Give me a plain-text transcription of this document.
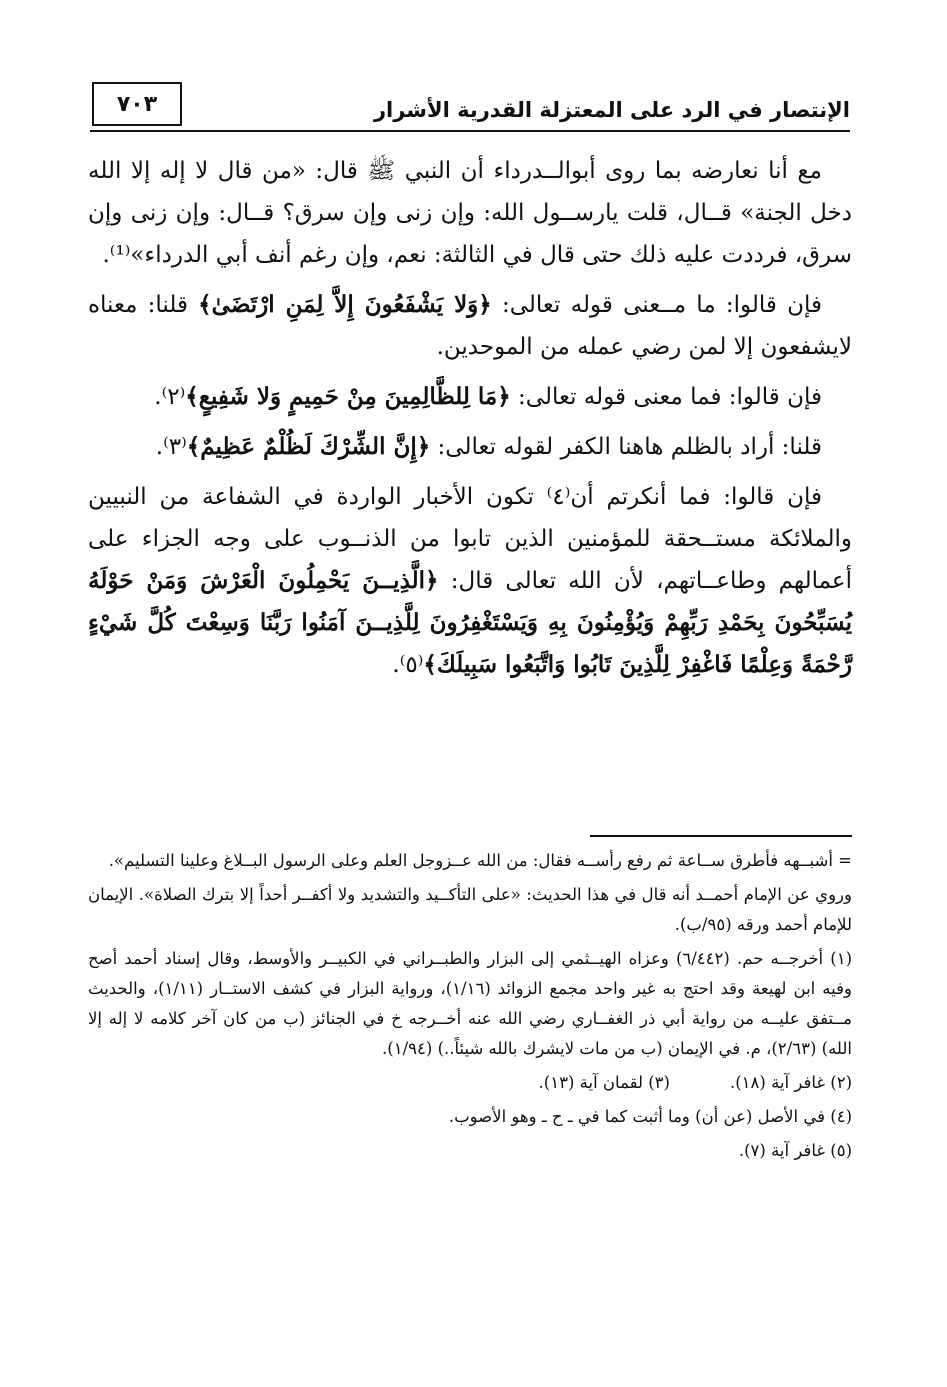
الإنتصار في الرد على المعتزلة القدرية الأشرار
٧٠٣

مع أنا نعارضه بما روى أبوالــدرداء أن النبي ﷺ قال: «من قال لا إله إلا الله دخل الجنة» قــال، قلت يارســول الله: وإن زنى وإن سرق؟ قــال: وإن زنى وإن سرق، فرددت عليه ذلك حتى قال في الثالثة: نعم، وإن رغم أنف أبي الدرداء»⁽¹⁾.

فإن قالوا: ما مــعنى قوله تعالى: ﴿وَلا يَشْفَعُونَ إِلاَّ لِمَنِ ارْتَضَىٰ﴾ قلنا: معناه لايشفعون إلا لمن رضي عمله من الموحدين.

فإن قالوا: فما معنى قوله تعالى: ﴿مَا لِلظَّالِمِينَ مِنْ حَمِيمٍ وَلا شَفِيعٍ﴾⁽٢⁾.

قلنا: أراد بالظلم هاهنا الكفر لقوله تعالى: ﴿إِنَّ الشِّرْكَ لَظُلْمٌ عَظِيمٌ﴾⁽٣⁾.

فإن قالوا: فما أنكرتم أن⁽٤⁾ تكون الأخبار الواردة في الشفاعة من النبيين والملائكة مستــحقة للمؤمنين الذين تابوا من الذنــوب على وجه الجزاء على أعمالهم وطاعــاتهم، لأن الله تعالى قال: ﴿الَّذِيــنَ يَحْمِلُونَ الْعَرْشَ وَمَنْ حَوْلَهُ يُسَبِّحُونَ بِحَمْدِ رَبِّهِمْ وَيُؤْمِنُونَ بِهِ وَيَسْتَغْفِرُونَ لِلَّذِيــنَ آمَنُوا رَبَّنَا وَسِعْتَ كُلَّ شَيْءٍ رَّحْمَةً وَعِلْمًا فَاغْفِرْ لِلَّذِينَ تَابُوا وَاتَّبَعُوا سَبِيلَكَ﴾⁽٥⁾.

= أشبــهه فأطرق ســاعة ثم رفع رأســه فقال: من الله عــزوجل العلم وعلى الرسول البــلاغ وعلينا التسليم».

وروي عن الإمام أحمــد أنه قال في هذا الحديث: «على التأكــيد والتشديد ولا أكفــر أحداً إلا بترك الصلاة». الإيمان للإمام أحمد ورقه (٩٥/ب).

(١) أخرجــه حم. (٦/٤٤٢) وعزاه الهيــثمي إلى البزار والطبــراني في الكبيــر والأوسط، وقال إسناد أحمد أصح وفيه ابن لهيعة وقد احتج به غير واحد مجمع الزوائد (١/١٦)، ورواية البزار في كشف الاستــار (١/١١)، والحديث مــتفق عليــه من رواية أبي ذر الغفــاري رضي الله عنه أخــرجه خ في الجنائز (ب من كان آخر كلامه لا إله إلا الله) (٢/٦٣)، م. في الإيمان (ب من مات لايشرك بالله شيئاً..) (١/٩٤).

(٢) غافر آية (١٨).

(٣) لقمان آية (١٣).

(٤) في الأصل (عن أن) وما أثبت كما في ـ ح ـ وهو الأصوب.

(٥) غافر آية (٧).
